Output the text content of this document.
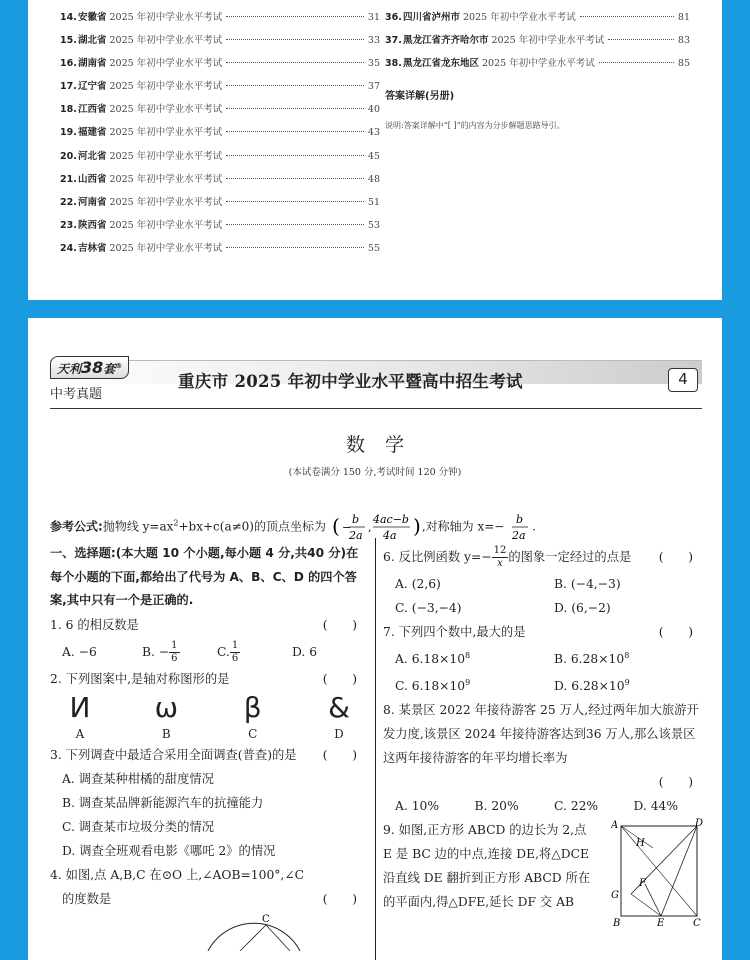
14. 安徽省 2025 年初中学业水平考试	31
15. 湖北省 2025 年初中学业水平考试	33
16. 湖南省 2025 年初中学业水平考试	35
17. 辽宁省 2025 年初中学业水平考试	37
18. 江西省 2025 年初中学业水平考试	40
19. 福建省 2025 年初中学业水平考试	43
20. 河北省 2025 年初中学业水平考试	45
21. 山西省 2025 年初中学业水平考试	48
22. 河南省 2025 年初中学业水平考试	51
23. 陕西省 2025 年初中学业水平考试	53
24. 吉林省 2025 年初中学业水平考试	55
36. 四川省泸州市 2025 年初中学业水平考试	81
37. 黑龙江省齐齐哈尔市 2025 年初中学业水平考试	83
38. 黑龙江省龙东地区 2025 年初中学业水平考试	85
答案详解(另册)
说明:答案详解中“[ ]”的内容为分步解题思路导引。
天利38套®
中考真题
重庆市 2025 年初中学业水平暨高中招生考试	4
数学
(本试卷满分 150 分,考试时间 120 分钟)
参考公式:抛物线 $y=ax^2+bx+c(a\ne 0)$的顶点坐标为 ( −
b
2a
,
4ac−b
4a ) ,对称轴为 x=− b
2a
.
一、选择题:(本大题 10 个小题,每小题 4 分,共40 分)在每个小题的下面,都给出了代号为 A、B、C、D 的四个答案,其中只有一个是正确的.
1. 6 的相反数是	(　　)
A. −6	B. − $\frac{1}{6}$	C. $\frac{1}{6}$	D. 6
2. 下列图案中,是轴对称图形的是	(　　)
И
A
ω
B
β
C
&
D
3. 下列调查中最适合采用全面调查(普查)的是 (　　)
A. 调查某种柑橘的甜度情况
B. 调查某品牌新能源汽车的抗撞能力
C. 调查某市垃圾分类的情况
D. 调查全班观看电影《哪吒 2》的情况
4. 如图,点 A,B,C 在⊙O 上,∠AOB=100°,∠C
的度数是	(　　)
C
6. 反比例函数 $y=- \frac{12}{x}$的图象一定经过的点是 (　　)
A. (2,6)	B. (−4,−3)
C. (−3,−4)	D. (6,−2)
7. 下列四个数中,最大的是	(　　)
A. $6.18\times 10^8$	B. $6.28\times 10^8$
C. $6.18\times 10^9$	D. $6.28\times 10^9$
8. 某景区 2022 年接待游客 25 万人,经过两年加大旅游开发力度,该景区 2024 年接待游客达到36 万人,那么该景区这两年接待游客的年平均增长率为
(　　)
A. 10%	B. 20%	C. 22%	D. 44%
9. 如图,正方形 ABCD 的边长为 2,点 E 是 BC 边的中点,连接 DE,将△DCE 沿直线 DE 翻折到正方形 ABCD 所在的平面内,得△DFE,延长 DF 交 AB
A	D
H
G
F
B	E	C
